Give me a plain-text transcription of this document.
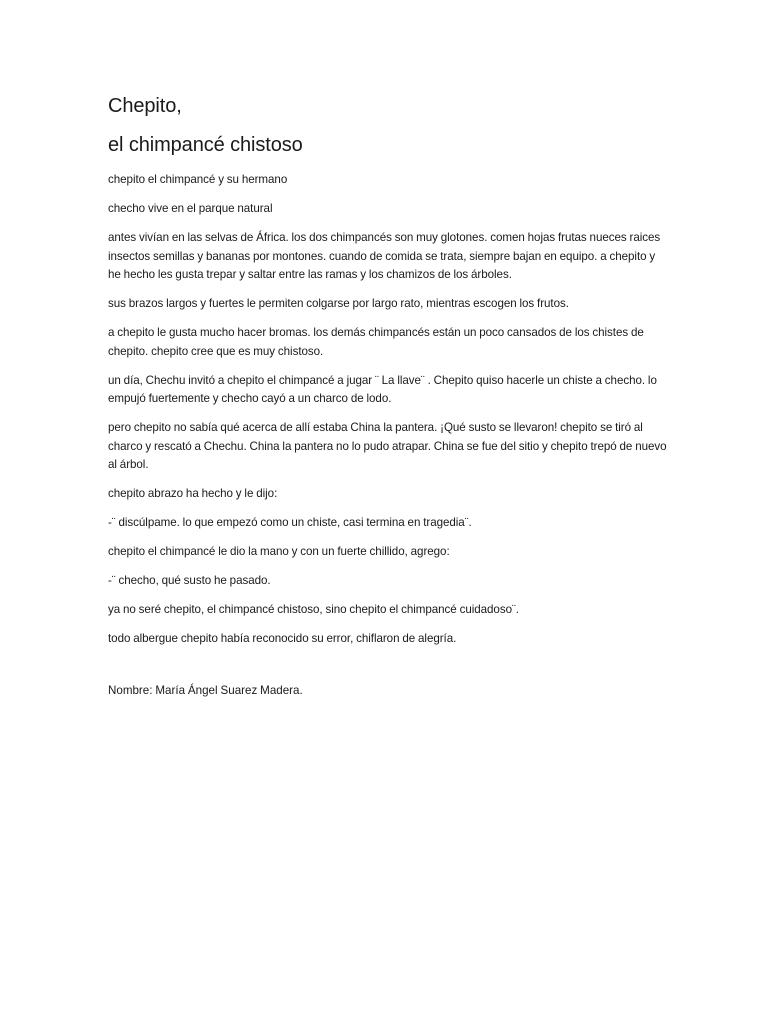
Chepito,
el chimpancé chistoso

chepito el chimpancé y su hermano

checho vive en el parque natural

antes vivían en las selvas de África. los dos chimpancés son muy glotones. comen hojas frutas nueces raices insectos semillas y bananas por montones. cuando de comida se trata, siempre bajan en equipo. a chepito y he hecho les gusta trepar y saltar entre las ramas y los chamizos de los árboles.

sus brazos largos y fuertes le permiten colgarse por largo rato, mientras escogen los frutos.

a chepito le gusta mucho hacer bromas. los demás chimpancés están un poco cansados de los chistes de chepito. chepito cree que es muy chistoso.

un día, Chechu invitó a chepito el chimpancé a jugar ¨ La llave¨ . Chepito quiso hacerle un chiste a checho. lo empujó fuertemente y checho cayó a un charco de lodo.

pero chepito no sabía qué acerca de allí estaba China la pantera. ¡Qué susto se llevaron! chepito se tiró al charco y rescató a Chechu. China la pantera no lo pudo atrapar. China se fue del sitio y chepito trepó de nuevo al árbol.

chepito abrazo ha hecho y le dijo:

-¨ discúlpame. lo que empezó como un chiste, casi termina en tragedia¨.

chepito el chimpancé le dio la mano y con un fuerte chillido, agrego:

-¨ checho, qué susto he pasado.

ya no seré chepito, el chimpancé chistoso, sino chepito el chimpancé cuidadoso¨.

todo albergue chepito había reconocido su error, chiflaron de alegría.

Nombre: María Ángel Suarez Madera.
